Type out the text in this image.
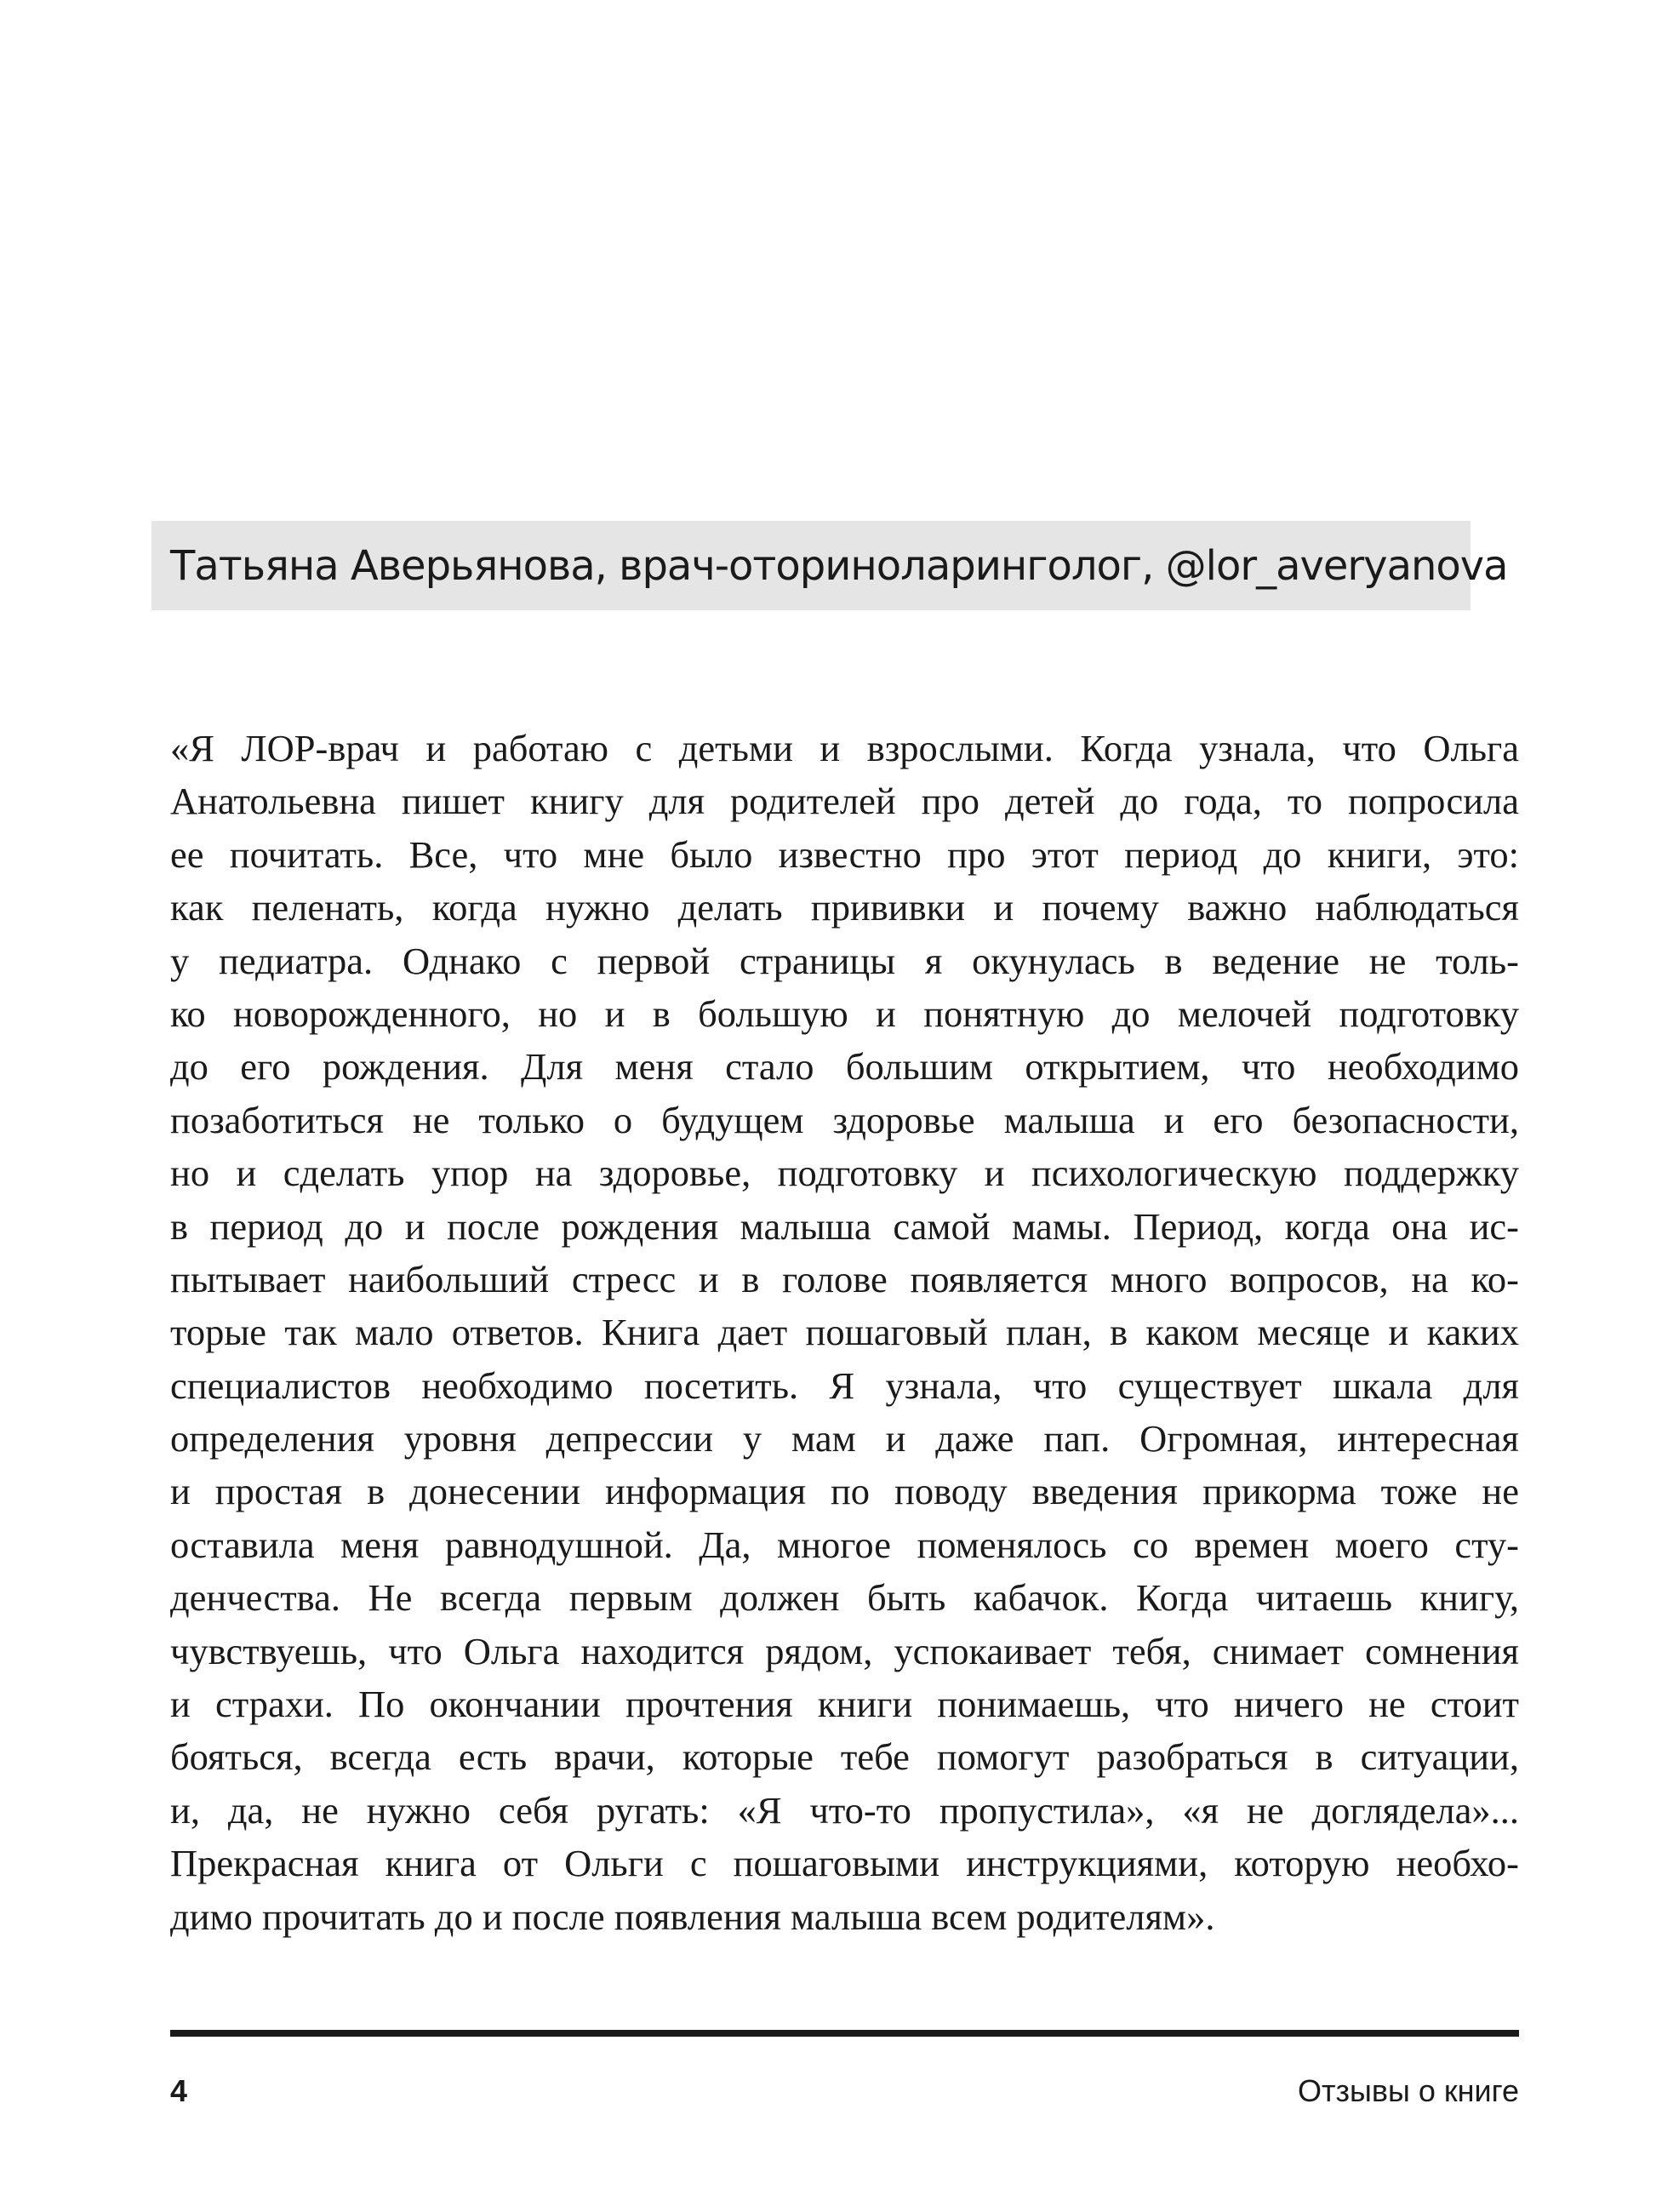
Татьяна Аверьянова, врач-оториноларинголог, @lor_averyanova
«Я ЛОР-врач и работаю с детьми и взрослыми. Когда узнала, что Ольга
Анатольевна пишет книгу для родителей про детей до года, то попросила
ее почитать. Все, что мне было известно про этот период до книги, это:
как пеленать, когда нужно делать прививки и почему важно наблюдаться
у педиатра. Однако с первой страницы я окунулась в ведение не толь-
ко новорожденного, но и в большую и понятную до мелочей подготовку
до его рождения. Для меня стало большим открытием, что необходимо
позаботиться не только о будущем здоровье малыша и его безопасности,
но и сделать упор на здоровье, подготовку и психологическую поддержку
в период до и после рождения малыша самой мамы. Период, когда она ис-
пытывает наибольший стресс и в голове появляется много вопросов, на ко-
торые так мало ответов. Книга дает пошаговый план, в каком месяце и каких
специалистов необходимо посетить. Я узнала, что существует шкала для
определения уровня депрессии у мам и даже пап. Огромная, интересная
и простая в донесении информация по поводу введения прикорма тоже не
оставила меня равнодушной. Да, многое поменялось со времен моего сту-
денчества. Не всегда первым должен быть кабачок. Когда читаешь книгу,
чувствуешь, что Ольга находится рядом, успокаивает тебя, снимает сомнения
и страхи. По окончании прочтения книги понимаешь, что ничего не стоит
бояться, всегда есть врачи, которые тебе помогут разобраться в ситуации,
и, да, не нужно себя ругать: «Я что-то пропустила», «я не доглядела»...
Прекрасная книга от Ольги с пошаговыми инструкциями, которую необхо-
димо прочитать до и после появления малыша всем родителям».
4	Отзывы о книге
